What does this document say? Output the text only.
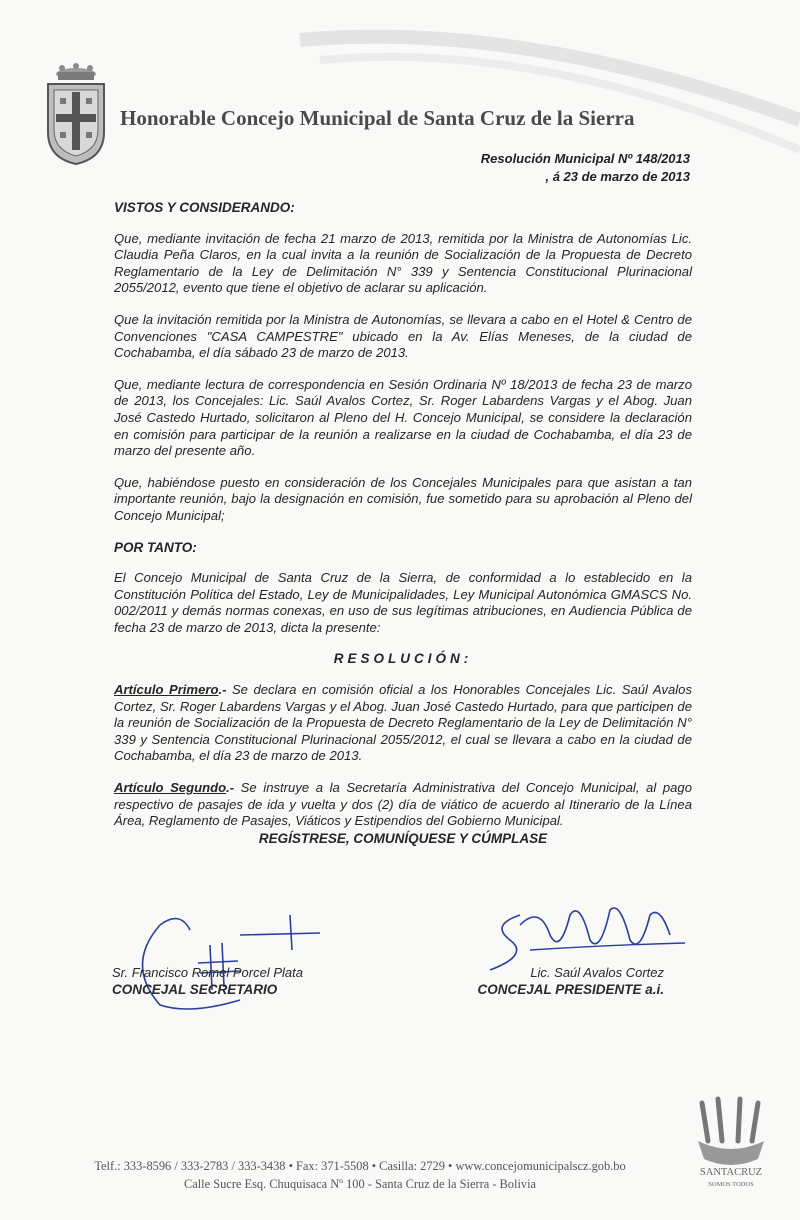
Honorable Concejo Municipal de Santa Cruz de la Sierra
Resolución Municipal Nº 148/2013
, á 23 de marzo de 2013
VISTOS Y CONSIDERANDO:

Que, mediante invitación de fecha 21 marzo de 2013, remitida por la Ministra de Autonomías Lic. Claudia Peña Claros, en la cual invita a la reunión de Socialización de la Propuesta de Decreto Reglamentario de la Ley de Delimitación N° 339 y Sentencia Constitucional Plurinacional 2055/2012, evento que tiene el objetivo de aclarar su aplicación.

Que la invitación remitida por la Ministra de Autonomías, se llevara a cabo en el Hotel & Centro de Convenciones "CASA CAMPESTRE" ubicado en la Av. Elías Meneses, de la ciudad de Cochabamba, el día sábado 23 de marzo de 2013.

Que, mediante lectura de correspondencia en Sesión Ordinaria Nº 18/2013 de fecha 23 de marzo de 2013, los Concejales: Lic. Saúl Avalos Cortez, Sr. Roger Labardens Vargas y el Abog. Juan José Castedo Hurtado, solicitaron al Pleno del H. Concejo Municipal, se considere la declaración en comisión para participar de la reunión a realizarse en la ciudad de Cochabamba, el día 23 de marzo del presente año.

Que, habiéndose puesto en consideración de los Concejales Municipales para que asistan a tan importante reunión, bajo la designación en comisión, fue sometido para su aprobación al Pleno del Concejo Municipal;

POR TANTO:

El Concejo Municipal de Santa Cruz de la Sierra, de conformidad a lo establecido en la Constitución Política del Estado, Ley de Municipalidades, Ley Municipal Autonómica GMASCS No. 002/2011 y demás normas conexas, en uso de sus legítimas atribuciones, en Audiencia Pública de fecha 23 de marzo de 2013, dicta la presente:

RESOLUCIÓN:

Artículo Primero.- Se declara en comisión oficial a los Honorables Concejales Lic. Saúl Avalos Cortez, Sr. Roger Labardens Vargas y el Abog. Juan José Castedo Hurtado, para que participen de la reunión de Socialización de la Propuesta de Decreto Reglamentario de la Ley de Delimitación N° 339 y Sentencia Constitucional Plurinacional 2055/2012, el cual se llevara a cabo en la ciudad de Cochabamba, el día 23 de marzo de 2013.

Artículo Segundo.- Se instruye a la Secretaría Administrativa del Concejo Municipal, al pago respectivo de pasajes de ida y vuelta y dos (2) día de viático de acuerdo al Itinerario de la Línea Área, Reglamento de Pasajes, Viáticos y Estipendios del Gobierno Municipal.

REGÍSTRESE, COMUNÍQUESE Y CÚMPLASE
Sr. Francisco Romel Porcel Plata
CONCEJAL SECRETARIO
Lic. Saúl Avalos Cortez
CONCEJAL PRESIDENTE a.i.
SANTACRUZ
SOMOS TODOS
Telf.: 333-8596 / 333-2783 / 333-3438 • Fax: 371-5508 • Casilla: 2729 • www.concejomunicipalscz.gob.bo
Calle Sucre Esq. Chuquisaca Nº 100 - Santa Cruz de la Sierra - Bolivia
